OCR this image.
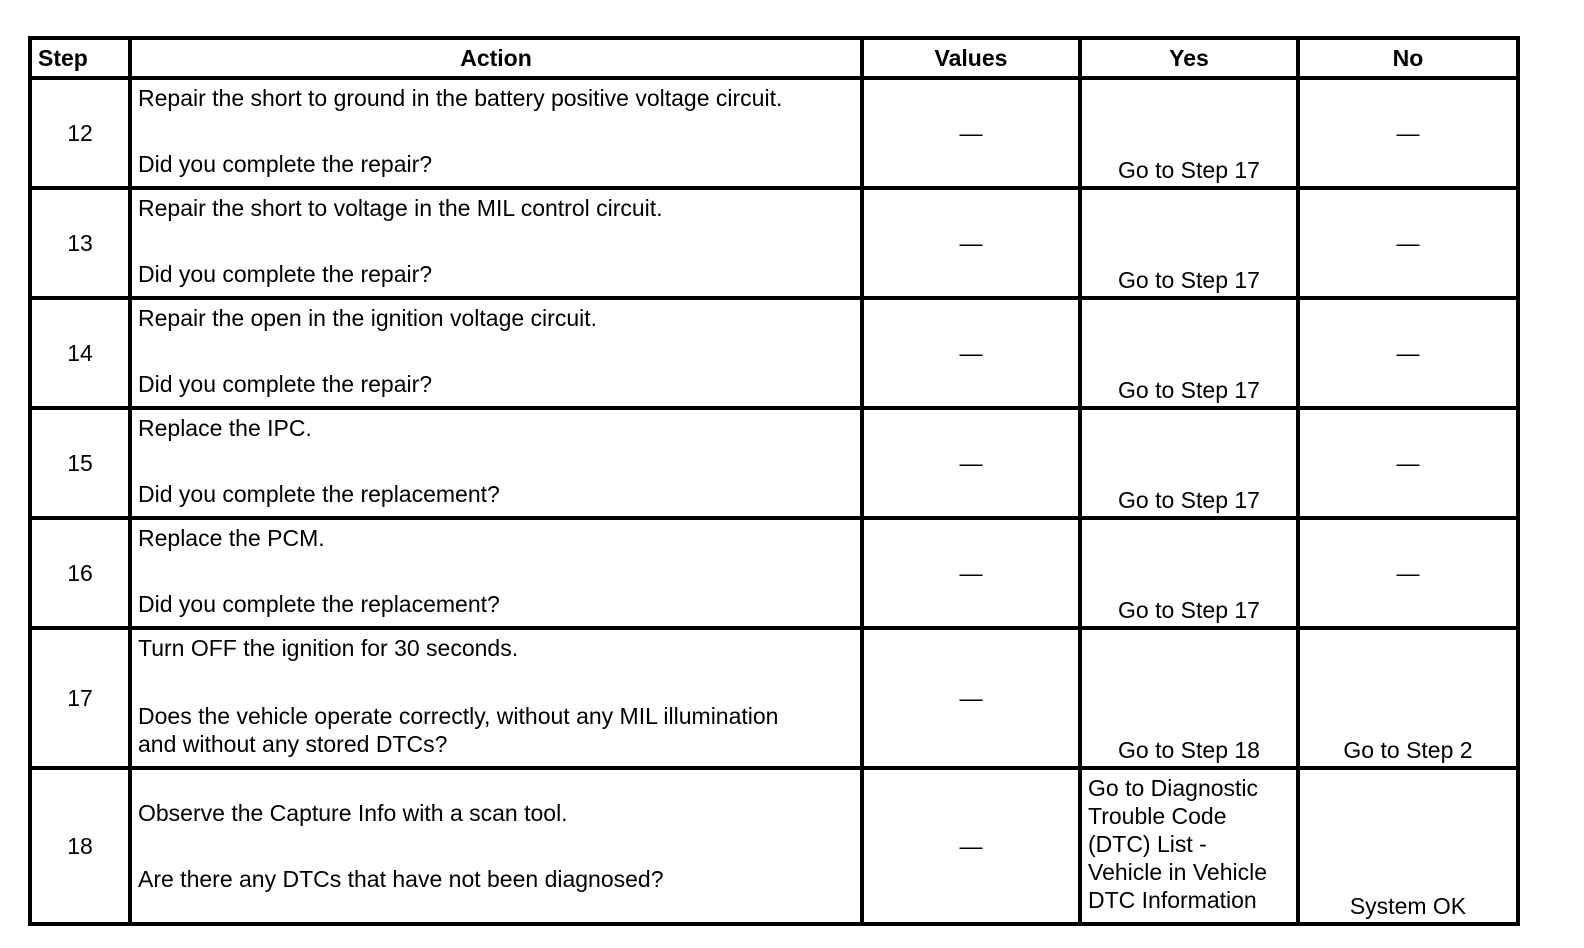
Step	Action	Values	Yes	No
12	Repair the short to ground in the battery positive voltage circuit.
Did you complete the repair?	—	Go to Step 17	—
13	Repair the short to voltage in the MIL control circuit.
Did you complete the repair?	—	Go to Step 17	—
14	Repair the open in the ignition voltage circuit.
Did you complete the repair?	—	Go to Step 17	—
15	Replace the IPC.
Did you complete the replacement?	—	Go to Step 17	—
16	Replace the PCM.
Did you complete the replacement?	—	Go to Step 17	—
17	Turn OFF the ignition for 30 seconds.
Does the vehicle operate correctly, without any MIL illumination
and without any stored DTCs?	—	Go to Step 18	Go to Step 2
18	Observe the Capture Info with a scan tool.
Are there any DTCs that have not been diagnosed?	—	Go to Diagnostic
Trouble Code
(DTC) List -
Vehicle in Vehicle
DTC Information	System OK
